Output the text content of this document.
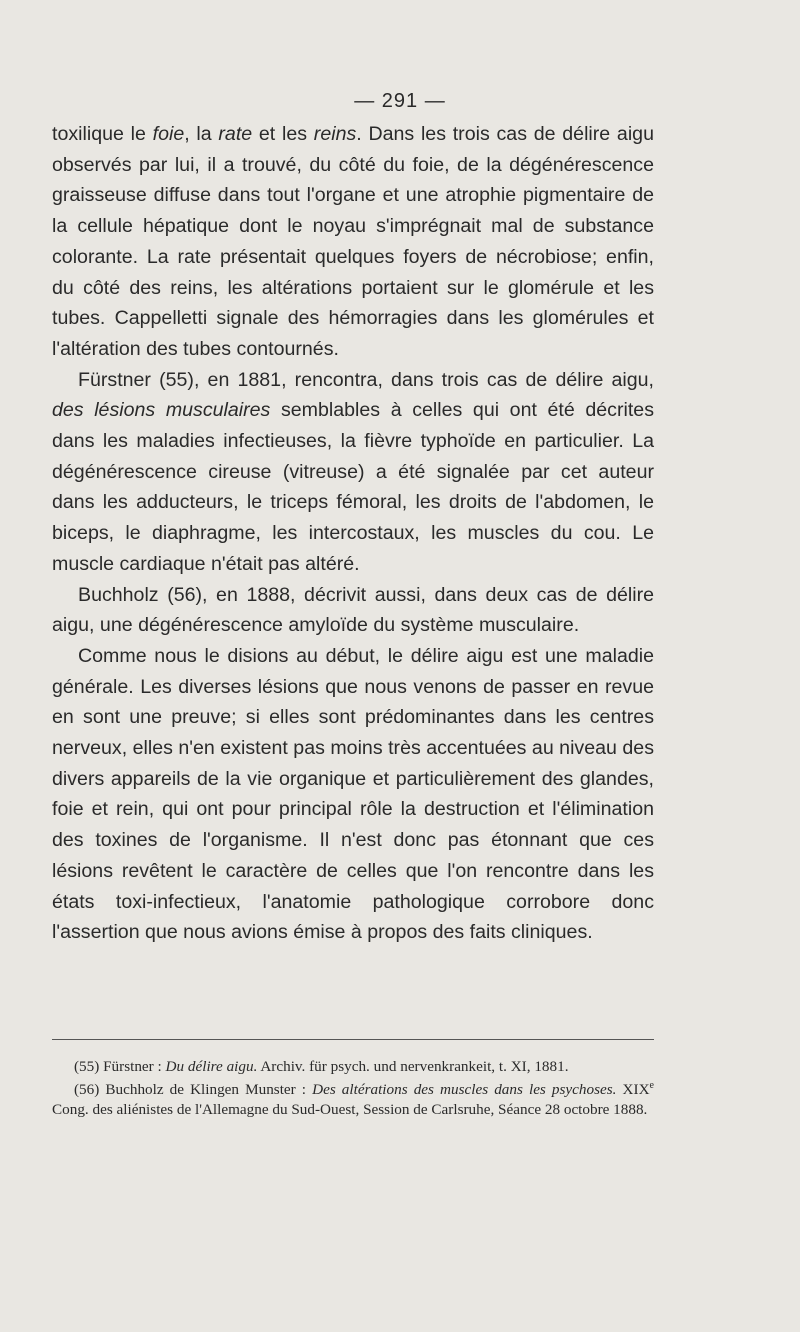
— 291 —

toxilique le foie, la rate et les reins. Dans les trois cas de délire aigu observés par lui, il a trouvé, du côté du foie, de la dégénérescence graisseuse diffuse dans tout l'organe et une atrophie pigmentaire de la cellule hépatique dont le noyau s'imprégnait mal de substance colorante. La rate présentait quelques foyers de nécrobiose; enfin, du côté des reins, les altérations portaient sur le glomérule et les tubes. Cappelletti signale des hémorragies dans les glomérules et l'altération des tubes contournés.

Fürstner (55), en 1881, rencontra, dans trois cas de délire aigu, des lésions musculaires semblables à celles qui ont été décrites dans les maladies infectieuses, la fièvre typhoïde en particulier. La dégénérescence cireuse (vitreuse) a été signalée par cet auteur dans les adducteurs, le triceps fémoral, les droits de l'abdomen, le biceps, le diaphragme, les intercostaux, les muscles du cou. Le muscle cardiaque n'était pas altéré.

Buchholz (56), en 1888, décrivit aussi, dans deux cas de délire aigu, une dégénérescence amyloïde du système musculaire.

Comme nous le disions au début, le délire aigu est une maladie générale. Les diverses lésions que nous venons de passer en revue en sont une preuve; si elles sont prédominantes dans les centres nerveux, elles n'en existent pas moins très accentuées au niveau des divers appareils de la vie organique et particulièrement des glandes, foie et rein, qui ont pour principal rôle la destruction et l'élimination des toxines de l'organisme. Il n'est donc pas étonnant que ces lésions revêtent le caractère de celles que l'on rencontre dans les états toxi-infectieux, l'anatomie pathologique corrobore donc l'assertion que nous avions émise à propos des faits cliniques.

(55) Fürstner : Du délire aigu. Archiv. für psych. und nervenkrankeit, t. XI, 1881.

(56) Buchholz de Klingen Munster : Des altérations des muscles dans les psychoses. XIXe Cong. des aliénistes de l'Allemagne du Sud-Ouest, Session de Carlsruhe, Séance 28 octobre 1888.
